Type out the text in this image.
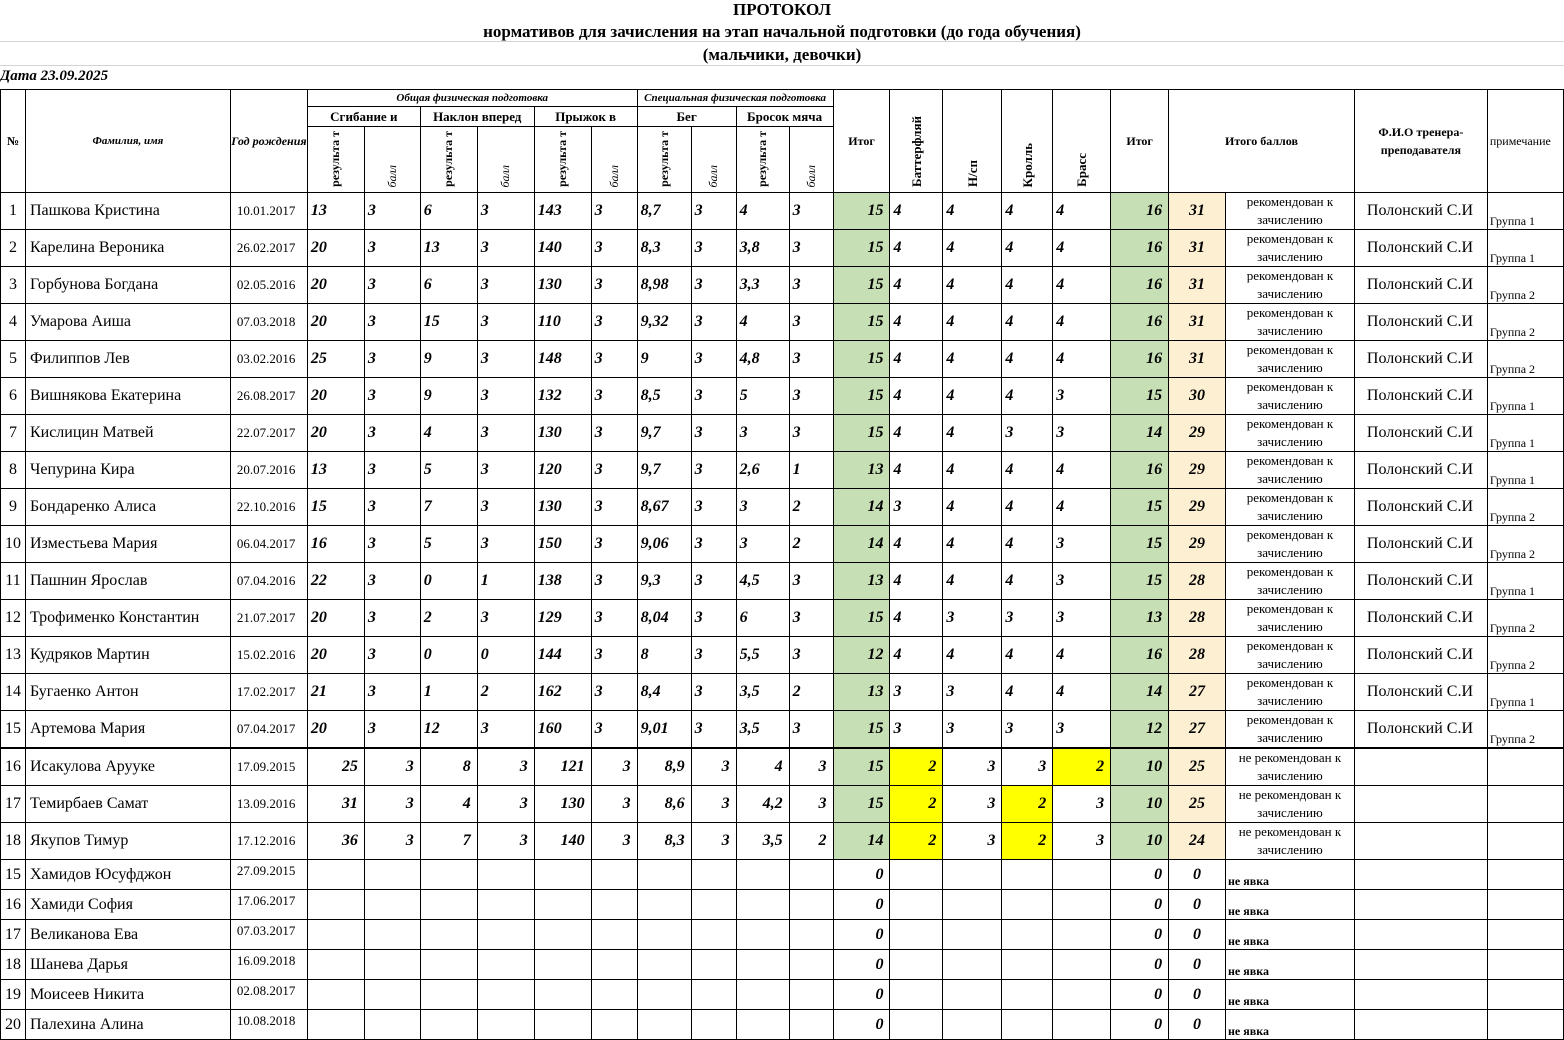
ПРОТОКОЛ
нормативов для зачисления на этап начальной подготовки (до года обучения)
(мальчики, девочки)
Дата 23.09.2025
№	Фамилия, имя	Год рождения	Общая физическая подготовка						Специальная физическая подготовка				Итог	Баттерфляй	Н/сп	Кролль	Брасс	Итог	Итого баллов		Ф.И.О тренера-преподавателя	примечание
			Сгибание и		Наклон вперед		Прыжок в		Бег		Бросок мяча											
			результа т	балл	результа т	балл	результа т	балл	результа т	балл	результа т	балл										
1	Пашкова Кристина	10.01.2017	13	3	6	3	143	3	8,7	3	4	3	15	4	4	4	4	16	31	рекомендован к зачислению	Полонский С.И	Группа 1
2	Карелина Вероника	26.02.2017	20	3	13	3	140	3	8,3	3	3,8	3	15	4	4	4	4	16	31	рекомендован к зачислению	Полонский С.И	Группа 1
3	Горбунова Богдана	02.05.2016	20	3	6	3	130	3	8,98	3	3,3	3	15	4	4	4	4	16	31	рекомендован к зачислению	Полонский С.И	Группа 2
4	Умарова Аиша	07.03.2018	20	3	15	3	110	3	9,32	3	4	3	15	4	4	4	4	16	31	рекомендован к зачислению	Полонский С.И	Группа 2
5	Филиппов Лев	03.02.2016	25	3	9	3	148	3	9	3	4,8	3	15	4	4	4	4	16	31	рекомендован к зачислению	Полонский С.И	Группа 2
6	Вишнякова Екатерина	26.08.2017	20	3	9	3	132	3	8,5	3	5	3	15	4	4	4	3	15	30	рекомендован к зачислению	Полонский С.И	Группа 1
7	Кислицин Матвей	22.07.2017	20	3	4	3	130	3	9,7	3	3	3	15	4	4	3	3	14	29	рекомендован к зачислению	Полонский С.И	Группа 1
8	Чепурина Кира	20.07.2016	13	3	5	3	120	3	9,7	3	2,6	1	13	4	4	4	4	16	29	рекомендован к зачислению	Полонский С.И	Группа 1
9	Бондаренко Алиса	22.10.2016	15	3	7	3	130	3	8,67	3	3	2	14	3	4	4	4	15	29	рекомендован к зачислению	Полонский С.И	Группа 2
10	Изместьева Мария	06.04.2017	16	3	5	3	150	3	9,06	3	3	2	14	4	4	4	3	15	29	рекомендован к зачислению	Полонский С.И	Группа 2
11	Пашнин Ярослав	07.04.2016	22	3	0	1	138	3	9,3	3	4,5	3	13	4	4	4	3	15	28	рекомендован к зачислению	Полонский С.И	Группа 1
12	Трофименко Константин	21.07.2017	20	3	2	3	129	3	8,04	3	6	3	15	4	3	3	3	13	28	рекомендован к зачислению	Полонский С.И	Группа 2
13	Кудряков Мартин	15.02.2016	20	3	0	0	144	3	8	3	5,5	3	12	4	4	4	4	16	28	рекомендован к зачислению	Полонский С.И	Группа 2
14	Бугаенко Антон	17.02.2017	21	3	1	2	162	3	8,4	3	3,5	2	13	3	3	4	4	14	27	рекомендован к зачислению	Полонский С.И	Группа 1
15	Артемова Мария	07.04.2017	20	3	12	3	160	3	9,01	3	3,5	3	15	3	3	3	3	12	27	рекомендован к зачислению	Полонский С.И	Группа 2
16	Исакулова Арууке	17.09.2015	25	3	8	3	121	3	8,9	3	4	3	15	2	3	3	2	10	25	не рекомендован к зачислению		
17	Темирбаев Самат	13.09.2016	31	3	4	3	130	3	8,6	3	4,2	3	15	2	3	2	3	10	25	не рекомендован к зачислению		
18	Якупов Тимур	17.12.2016	36	3	7	3	140	3	8,3	3	3,5	2	14	2	3	2	3	10	24	не рекомендован к зачислению		
15	Хамидов Юсуфджон	27.09.2015											0					0	0	не явка		
16	Хамиди София	17.06.2017											0					0	0	не явка		
17	Великанова Ева	07.03.2017											0					0	0	не явка		
18	Шанева Дарья	16.09.2018											0					0	0	не явка		
19	Моисеев Никита	02.08.2017											0					0	0	не явка		
20	Палехина Алина	10.08.2018											0					0	0	не явка		
